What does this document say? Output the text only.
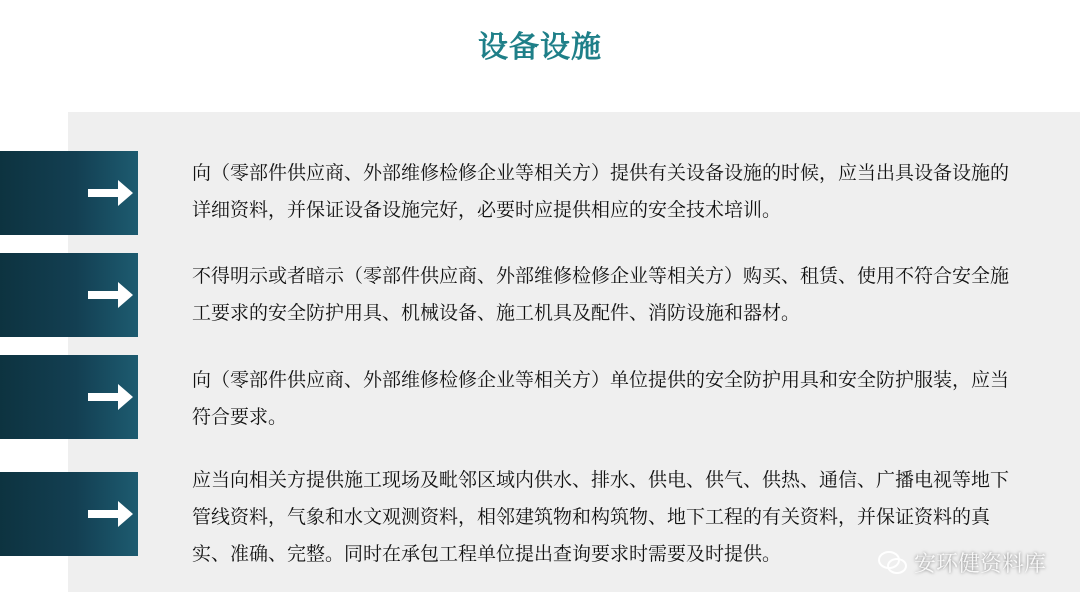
设备设施

向（零部件供应商、外部维修检修企业等相关方）提供有关设备设施的时候，应当出具设备设施的详细资料，并保证设备设施完好，必要时应提供相应的安全技术培训。

不得明示或者暗示（零部件供应商、外部维修检修企业等相关方）购买、租赁、使用不符合安全施工要求的安全防护用具、机械设备、施工机具及配件、消防设施和器材。

向（零部件供应商、外部维修检修企业等相关方）单位提供的安全防护用具和安全防护服装，应当符合要求。

应当向相关方提供施工现场及毗邻区域内供水、排水、供电、供气、供热、通信、广播电视等地下管线资料，气象和水文观测资料，相邻建筑物和构筑物、地下工程的有关资料，并保证资料的真实、准确、完整。同时在承包工程单位提出查询要求时需要及时提供。	安环健资料库
